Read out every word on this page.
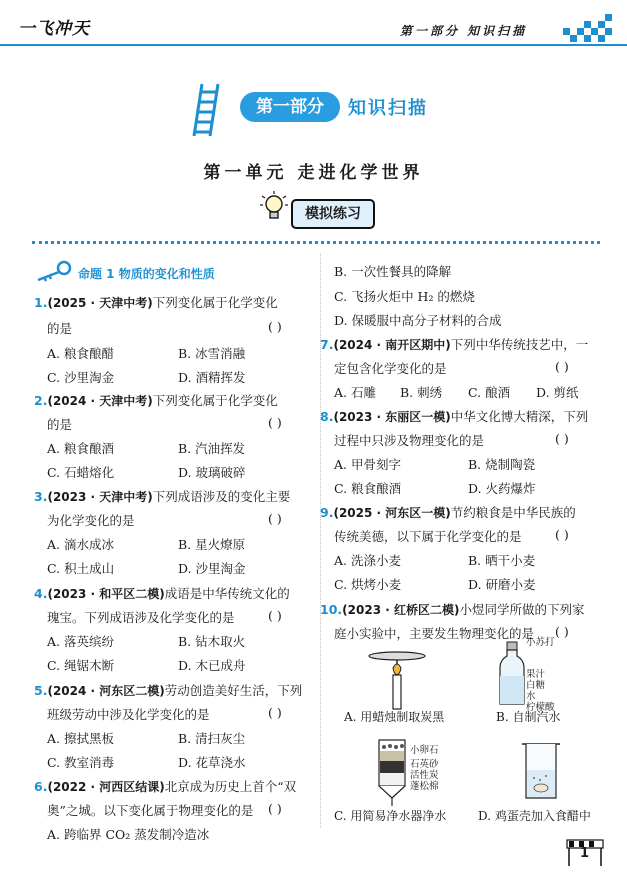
一飞冲天	第一部分 知识扫描
第一部分	知识扫描
第一单元 走进化学世界
模拟练习
命题 1 物质的变化和性质
1.(2025 · 天津中考)下列变化属于化学变化
的是	( )
A. 粮食酿醋	B. 冰雪消融
C. 沙里淘金	D. 酒精挥发
2.(2024 · 天津中考)下列变化属于化学变化
的是	( )
A. 粮食酿酒	B. 汽油挥发
C. 石蜡熔化	D. 玻璃破碎
3.(2023 · 天津中考)下列成语涉及的变化主要
为化学变化的是	( )
A. 滴水成冰	B. 星火燎原
C. 积土成山	D. 沙里淘金
4.(2023 · 和平区二模)成语是中华传统文化的
瑰宝。下列成语涉及化学变化的是	( )
A. 落英缤纷	B. 钻木取火
C. 绳锯木断	D. 木已成舟
5.(2024 · 河东区二模)劳动创造美好生活，下列
班级劳动中涉及化学变化的是	( )
A. 擦拭黑板	B. 清扫灰尘
C. 教室消毒	D. 花草浇水
6.(2022 · 河西区结课)北京成为历史上首个“双
奥”之城。以下变化属于物理变化的是 ( )
A. 跨临界 CO₂ 蒸发制冷造冰
B. 一次性餐具的降解
C. 飞扬火炬中 H₂ 的燃烧
D. 保暖服中高分子材料的合成
7.(2024 · 南开区期中)下列中华传统技艺中，一
定包含化学变化的是	( )
A. 石雕 B. 刺绣 C. 酿酒 D. 剪纸
8.(2023 · 东丽区一模)中华文化博大精深，下列
过程中只涉及物理变化的是	( )
A. 甲骨刻字	B. 烧制陶瓷
C. 粮食酿酒	D. 火药爆炸
9.(2025 · 河东区一模)节约粮食是中华民族的
传统美德，以下属于化学变化的是	( )
A. 洗涤小麦	B. 晒干小麦
C. 烘烤小麦	D. 研磨小麦
10.(2023 · 红桥区二模)小煜同学所做的下列家
庭小实验中，主要发生物理变化的是 ( )
A. 用蜡烛制取炭黑
小苏打
果汁
白糖
水
柠檬酸
B. 自制汽水
小卵石
石英砂
活性炭
蓬松棉
C. 用简易净水器净水	D. 鸡蛋壳加入食醋中
1
